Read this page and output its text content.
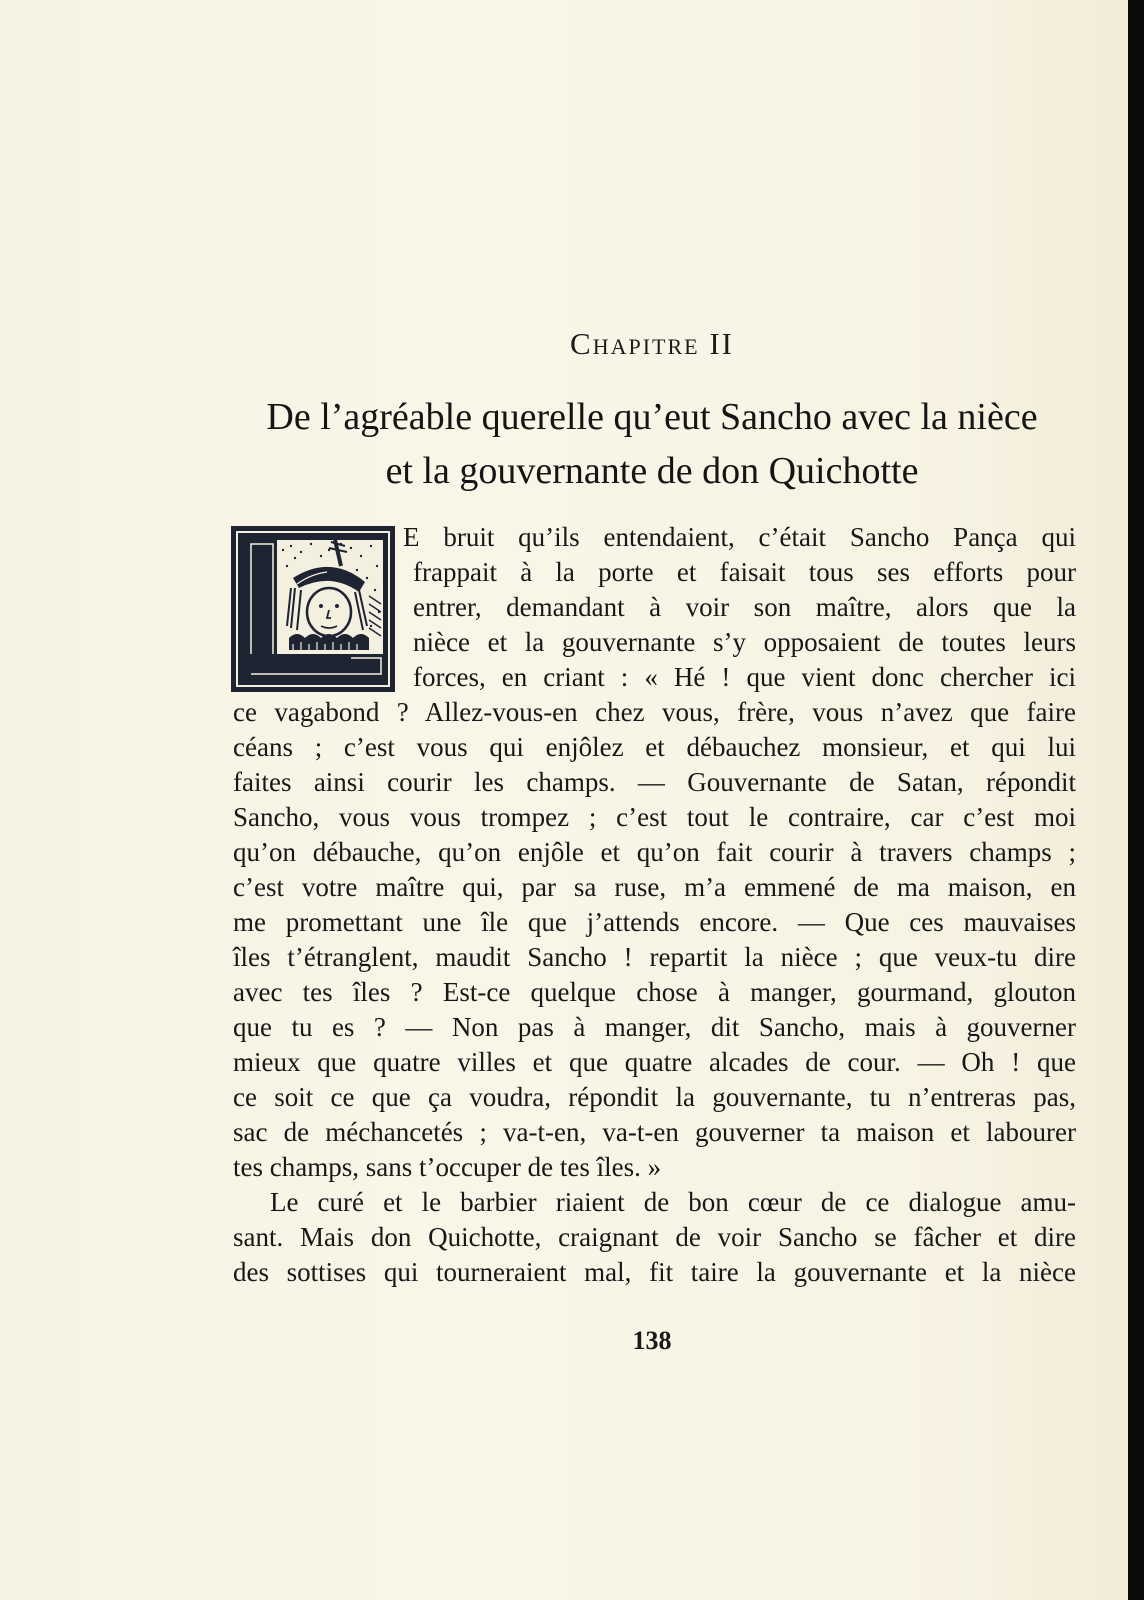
Chapitre II
De l’agréable querelle qu’eut Sancho avec la nièce
et la gouvernante de don Quichotte
E bruit qu’ils entendaient, c’était Sancho Pança qui
frappait à la porte et faisait tous ses efforts pour
entrer, demandant à voir son maître, alors que la
nièce et la gouvernante s’y opposaient de toutes leurs
forces, en criant : « Hé ! que vient donc chercher ici
ce vagabond ? Allez-vous-en chez vous, frère, vous n’avez que faire
céans ; c’est vous qui enjôlez et débauchez monsieur, et qui lui
faites ainsi courir les champs. — Gouvernante de Satan, répondit
Sancho, vous vous trompez ; c’est tout le contraire, car c’est moi
qu’on débauche, qu’on enjôle et qu’on fait courir à travers champs ;
c’est votre maître qui, par sa ruse, m’a emmené de ma maison, en
me promettant une île que j’attends encore. — Que ces mauvaises
îles t’étranglent, maudit Sancho ! repartit la nièce ; que veux-tu dire
avec tes îles ? Est-ce quelque chose à manger, gourmand, glouton
que tu es ? — Non pas à manger, dit Sancho, mais à gouverner
mieux que quatre villes et que quatre alcades de cour. — Oh ! que
ce soit ce que ça voudra, répondit la gouvernante, tu n’entreras pas,
sac de méchancetés ; va-t-en, va-t-en gouverner ta maison et labourer
tes champs, sans t’occuper de tes îles. »
Le curé et le barbier riaient de bon cœur de ce dialogue amu-
sant. Mais don Quichotte, craignant de voir Sancho se fâcher et dire
des sottises qui tourneraient mal, fit taire la gouvernante et la nièce
138
